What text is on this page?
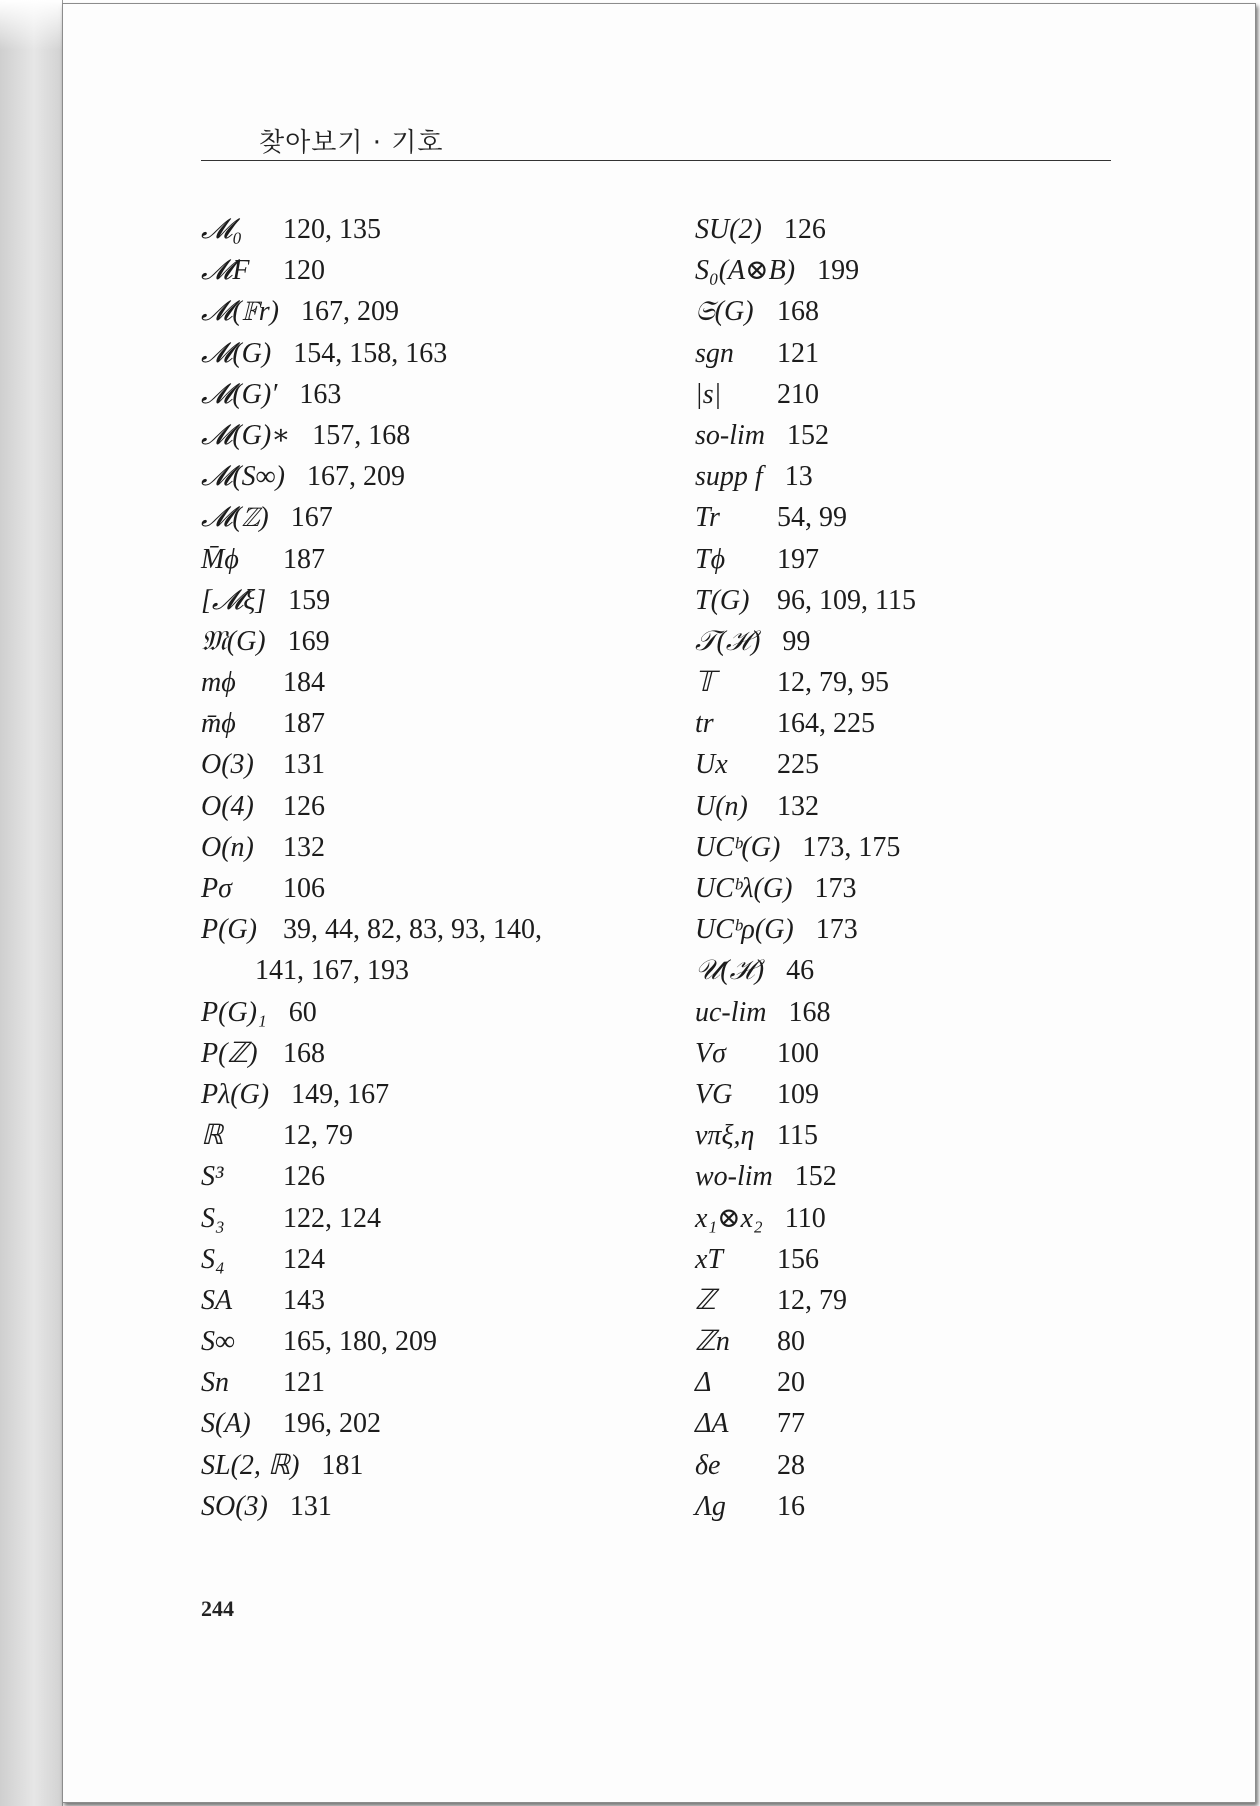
찾아보기 · 기호
𝓜₀ 120, 135
𝓜F 120
𝓜(𝔽r) 167, 209
𝓜(G) 154, 158, 163
𝓜(G)′ 163
𝓜(G)∗ 157, 168
𝓜(S∞) 167, 209
𝓜(ℤ) 167
M̄ϕ 187
[𝓜ξ] 159
𝔐(G) 169
mϕ 184
m̄ϕ 187
O(3) 131
O(4) 126
O(n) 132
Pσ 106
P(G) 39, 44, 82, 83, 93, 140,
141, 167, 193
P(G)₁ 60
P(ℤ) 168
Pλ(G) 149, 167
ℝ 12, 79
S³ 126
S₃ 122, 124
S₄ 124
SA 143
S∞ 165, 180, 209
Sn 121
S(A) 196, 202
SL(2, ℝ) 181
SO(3) 131
SU(2) 126
S₀(A⊗B) 199
𝔖(G) 168
sgn 121
|s| 210
so-lim 152
supp f 13
Tr 54, 99
Tϕ 197
T(G) 96, 109, 115
𝒯(ℋ) 99
𝕋 12, 79, 95
tr 164, 225
Ux 225
U(n) 132
UCᵇ(G) 173, 175
UCᵇλ(G) 173
UCᵇρ(G) 173
𝒰(ℋ) 46
uc-lim 168
Vσ 100
VG 109
vπξ,η 115
wo-lim 152
x₁⊗x₂ 110
xT 156
ℤ 12, 79
ℤn 80
Δ 20
ΔA 77
δe 28
Λg 16
244
